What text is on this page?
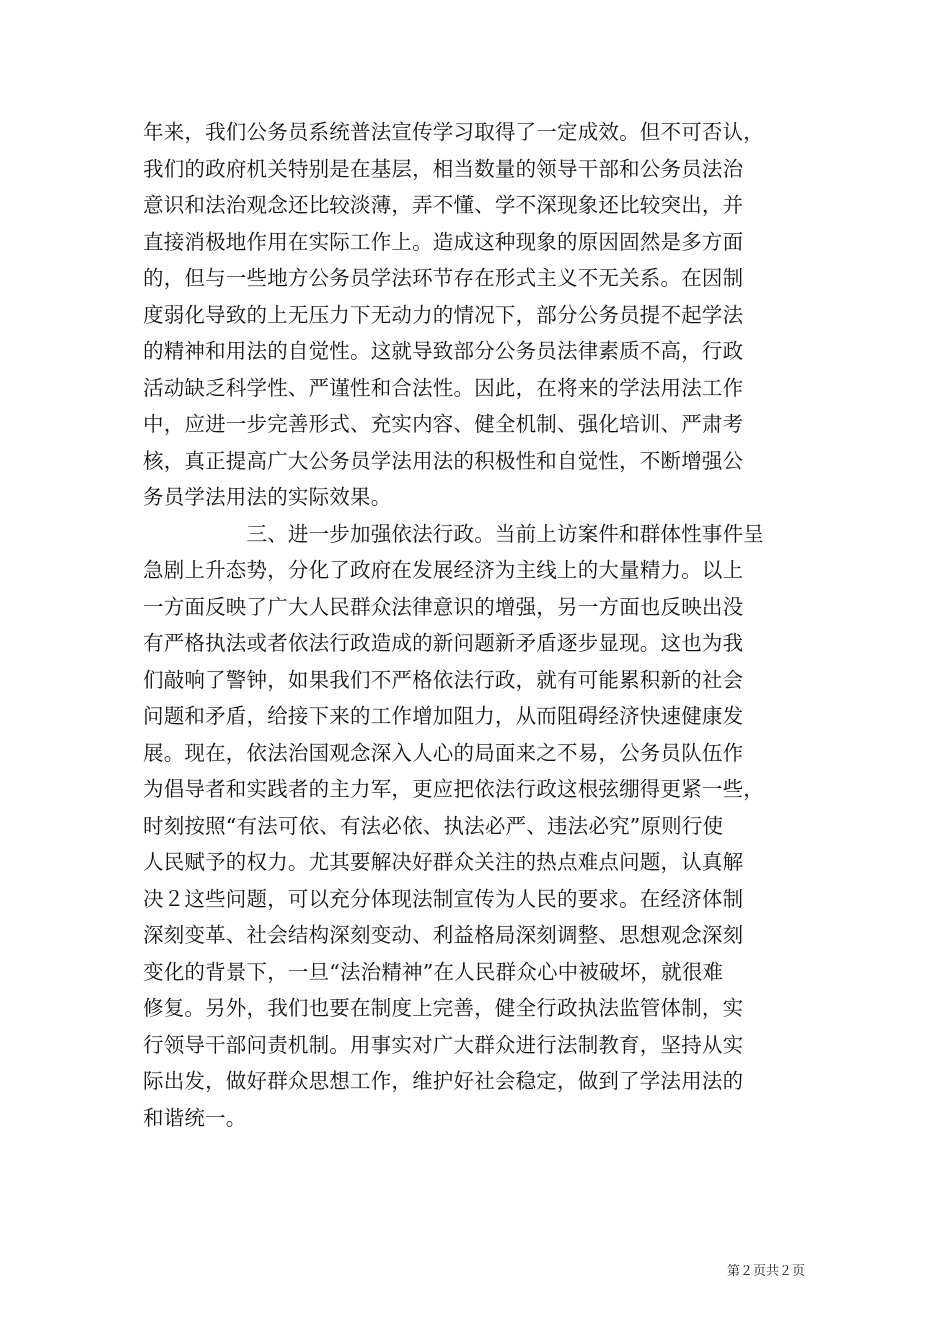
年来，我们公务员系统普法宣传学习取得了一定成效。但不可否认，
我们的政府机关特别是在基层，相当数量的领导干部和公务员法治
意识和法治观念还比较淡薄，弄不懂、学不深现象还比较突出，并
直接消极地作用在实际工作上。造成这种现象的原因固然是多方面
的，但与一些地方公务员学法环节存在形式主义不无关系。在因制
度弱化导致的上无压力下无动力的情况下，部分公务员提不起学法
的精神和用法的自觉性。这就导致部分公务员法律素质不高，行政
活动缺乏科学性、严谨性和合法性。因此，在将来的学法用法工作
中，应进一步完善形式、充实内容、健全机制、强化培训、严肃考
核，真正提高广大公务员学法用法的积极性和自觉性，不断增强公
务员学法用法的实际效果。
　　　　　三、进一步加强依法行政。当前上访案件和群体性事件呈
急剧上升态势，分化了政府在发展经济为主线上的大量精力。以上
一方面反映了广大人民群众法律意识的增强，另一方面也反映出没
有严格执法或者依法行政造成的新问题新矛盾逐步显现。这也为我
们敲响了警钟，如果我们不严格依法行政，就有可能累积新的社会
问题和矛盾，给接下来的工作增加阻力，从而阻碍经济快速健康发
展。现在，依法治国观念深入人心的局面来之不易，公务员队伍作
为倡导者和实践者的主力军，更应把依法行政这根弦绷得更紧一些，
时刻按照“有法可依、有法必依、执法必严、违法必究”原则行使
人民赋予的权力。尤其要解决好群众关注的热点难点问题，认真解
决２这些问题，可以充分体现法制宣传为人民的要求。在经济体制
深刻变革、社会结构深刻变动、利益格局深刻调整、思想观念深刻
变化的背景下，一旦“法治精神”在人民群众心中被破坏，就很难
修复。另外，我们也要在制度上完善，健全行政执法监管体制，实
行领导干部问责机制。用事实对广大群众进行法制教育，坚持从实
际出发，做好群众思想工作，维护好社会稳定，做到了学法用法的
和谐统一。
第２页共２页
